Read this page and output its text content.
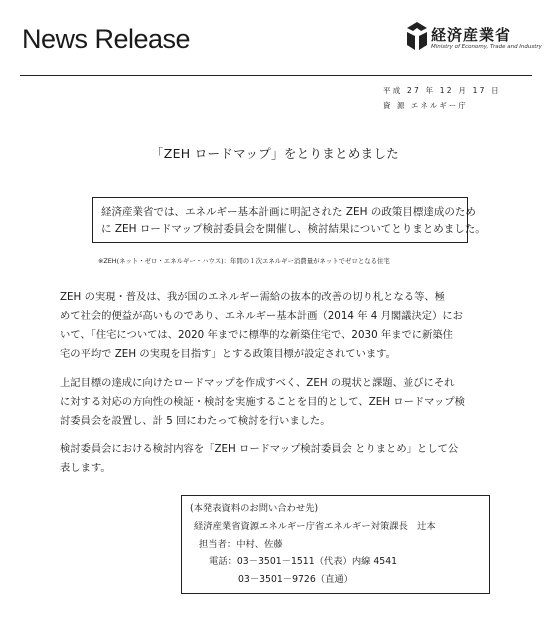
News Release	経済産業省
Ministry of Economy, Trade and Industry
平成 27 年 12 月 17 日
資 源 エネルギー庁
「ZEH ロードマップ」をとりまとめました
経済産業省では、エネルギー基本計画に明記された ZEH の政策目標達成のため
に ZEH ロードマップ検討委員会を開催し、検討結果についてとりまとめました。
※ZEH(ネット・ゼロ・エネルギー・ハウス)：年間の１次エネルギー消費量がネットでゼロとなる住宅
ZEH の実現・普及は、我が国のエネルギー需給の抜本的改善の切り札となる等、極
めて社会的便益が高いものであり、エネルギー基本計画（2014 年 4 月閣議決定）にお
いて、「住宅については、2020 年までに標準的な新築住宅で、2030 年までに新築住
宅の平均で ZEH の実現を目指す」とする政策目標が設定されています。
上記目標の達成に向けたロードマップを作成すべく、ZEH の現状と課題、並びにそれ
に対する対応の方向性の検証・検討を実施することを目的として、ZEH ロードマップ検
討委員会を設置し、計 5 回にわたって検討を行いました。
検討委員会における検討内容を「ZEH ロードマップ検討委員会 とりまとめ」として公
表します。
(本発表資料のお問い合わせ先)
経済産業省資源エネルギー庁省エネルギー対策課長　辻本
担当者：中村、佐藤
電話：03－3501－1511（代表）内線 4541
03－3501－9726（直通）
